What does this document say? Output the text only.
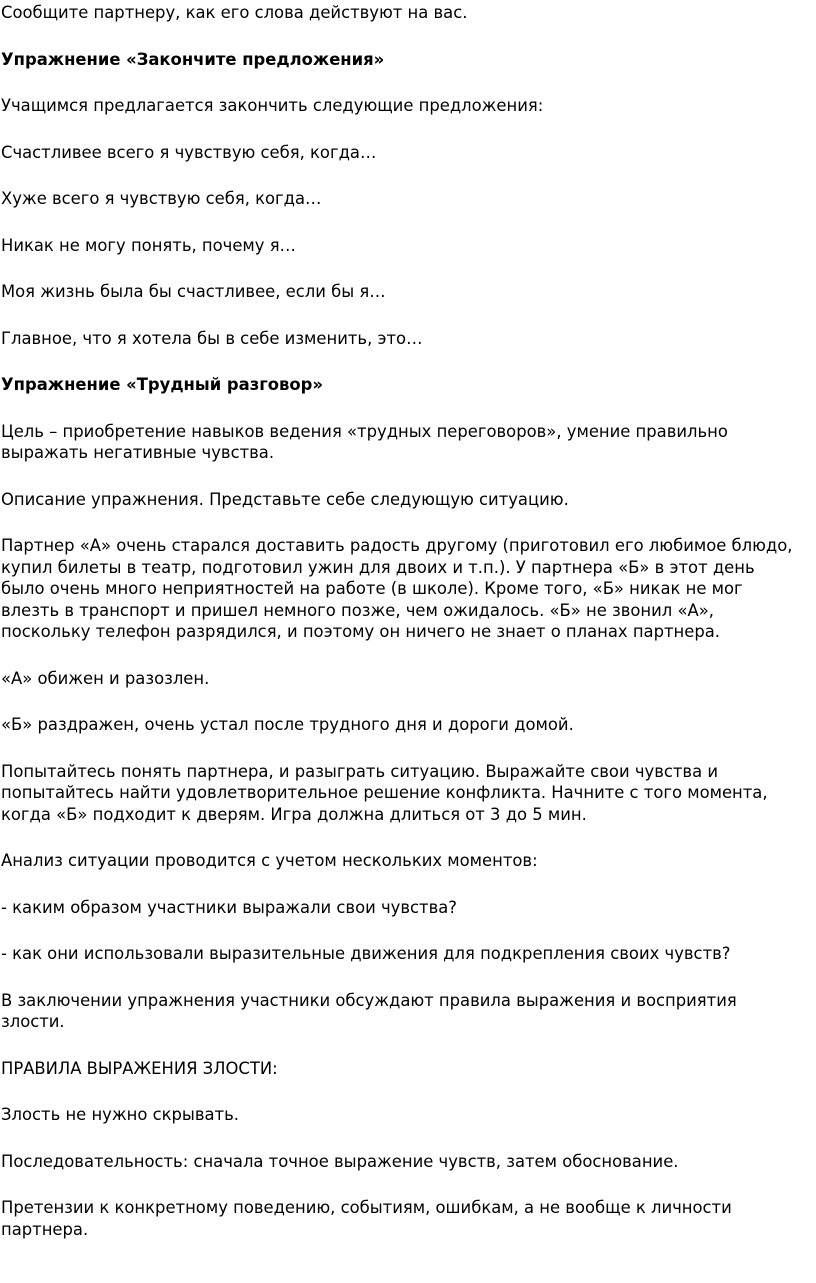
Сообщите партнеру, как его слова действуют на вас.

Упражнение «Закончите предложения»

Учащимся предлагается закончить следующие предложения:

Счастливее всего я чувствую себя, когда…

Хуже всего я чувствую себя, когда…

Никак не могу понять, почему я…

Моя жизнь была бы счастливее, если бы я…

Главное, что я хотела бы в себе изменить, это…

Упражнение «Трудный разговор»

Цель – приобретение навыков ведения «трудных переговоров», умение правильно выражать негативные чувства.

Описание упражнения. Представьте себе следующую ситуацию.

Партнер «А» очень старался доставить радость другому (приготовил его любимое блюдо, купил билеты в театр, подготовил ужин для двоих и т.п.). У партнера «Б» в этот день было очень много неприятностей на работе (в школе). Кроме того, «Б» никак не мог влезть в транспорт и пришел немного позже, чем ожидалось. «Б» не звонил «А», поскольку телефон разрядился, и поэтому он ничего не знает о планах партнера.

«А» обижен и разозлен.

«Б» раздражен, очень устал после трудного дня и дороги домой.

Попытайтесь понять партнера, и разыграть ситуацию. Выражайте свои чувства и попытайтесь найти удовлетворительное решение конфликта. Начните с того момента, когда «Б» подходит к дверям. Игра должна длиться от 3 до 5 мин.

Анализ ситуации проводится с учетом нескольких моментов:

- каким образом участники выражали свои чувства?

- как они использовали выразительные движения для подкрепления своих чувств?

В заключении упражнения участники обсуждают правила выражения и восприятия злости.

ПРАВИЛА ВЫРАЖЕНИЯ ЗЛОСТИ:

Злость не нужно скрывать.

Последовательность: сначала точное выражение чувств, затем обоснование.

Претензии к конкретному поведению, событиям, ошибкам, а не вообще к личности партнера.
